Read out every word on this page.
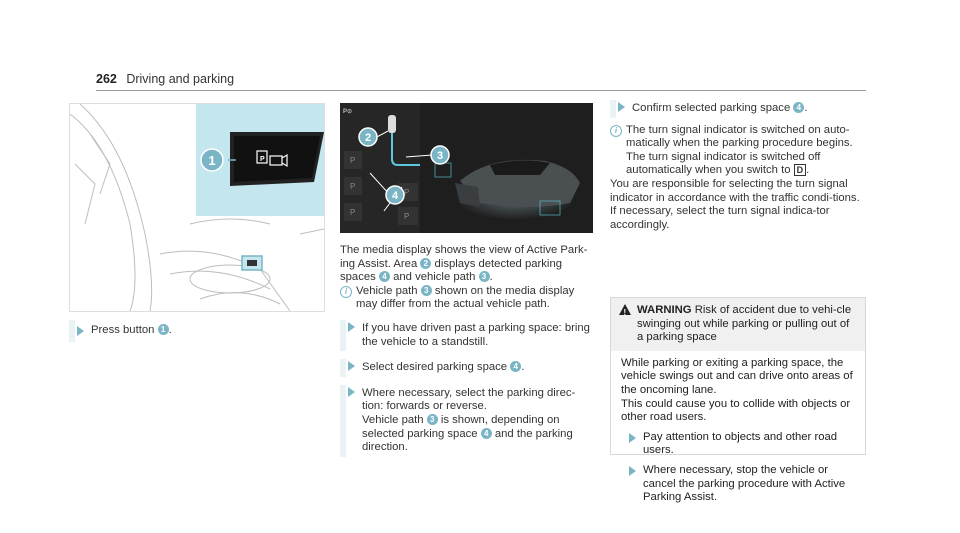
262 Driving and parking
P
1	P
P
P
P
P
P⊙
2
3
4
Press button 1 .
The media display shows the view of Active Park-ing Assist. Area 2 displays detected parking spaces 4 and vehicle path 3 .
i Vehicle path 3 shown on the media display may differ from the actual vehicle path.
If you have driven past a parking space: bring the vehicle to a standstill.
Select desired parking space 4 .
Where necessary, select the parking direc-tion: forwards or reverse.
Vehicle path 3 is shown, depending on selected parking space 4 and the parking direction.
Confirm selected parking space 4 .
i The turn signal indicator is switched on auto-matically when the parking procedure begins. The turn signal indicator is switched off automatically when you switch to D .
You are responsible for selecting the turn signal indicator in accordance with the traffic condi-tions. If necessary, select the turn signal indica-tor accordingly.
! WARNING Risk of accident due to vehi-cle swinging out while parking or pulling out of a parking space
While parking or exiting a parking space, the vehicle swings out and can drive onto areas of the oncoming lane.
This could cause you to collide with objects or other road users.
Pay attention to objects and other road users.
Where necessary, stop the vehicle or cancel the parking procedure with Active Parking Assist.
